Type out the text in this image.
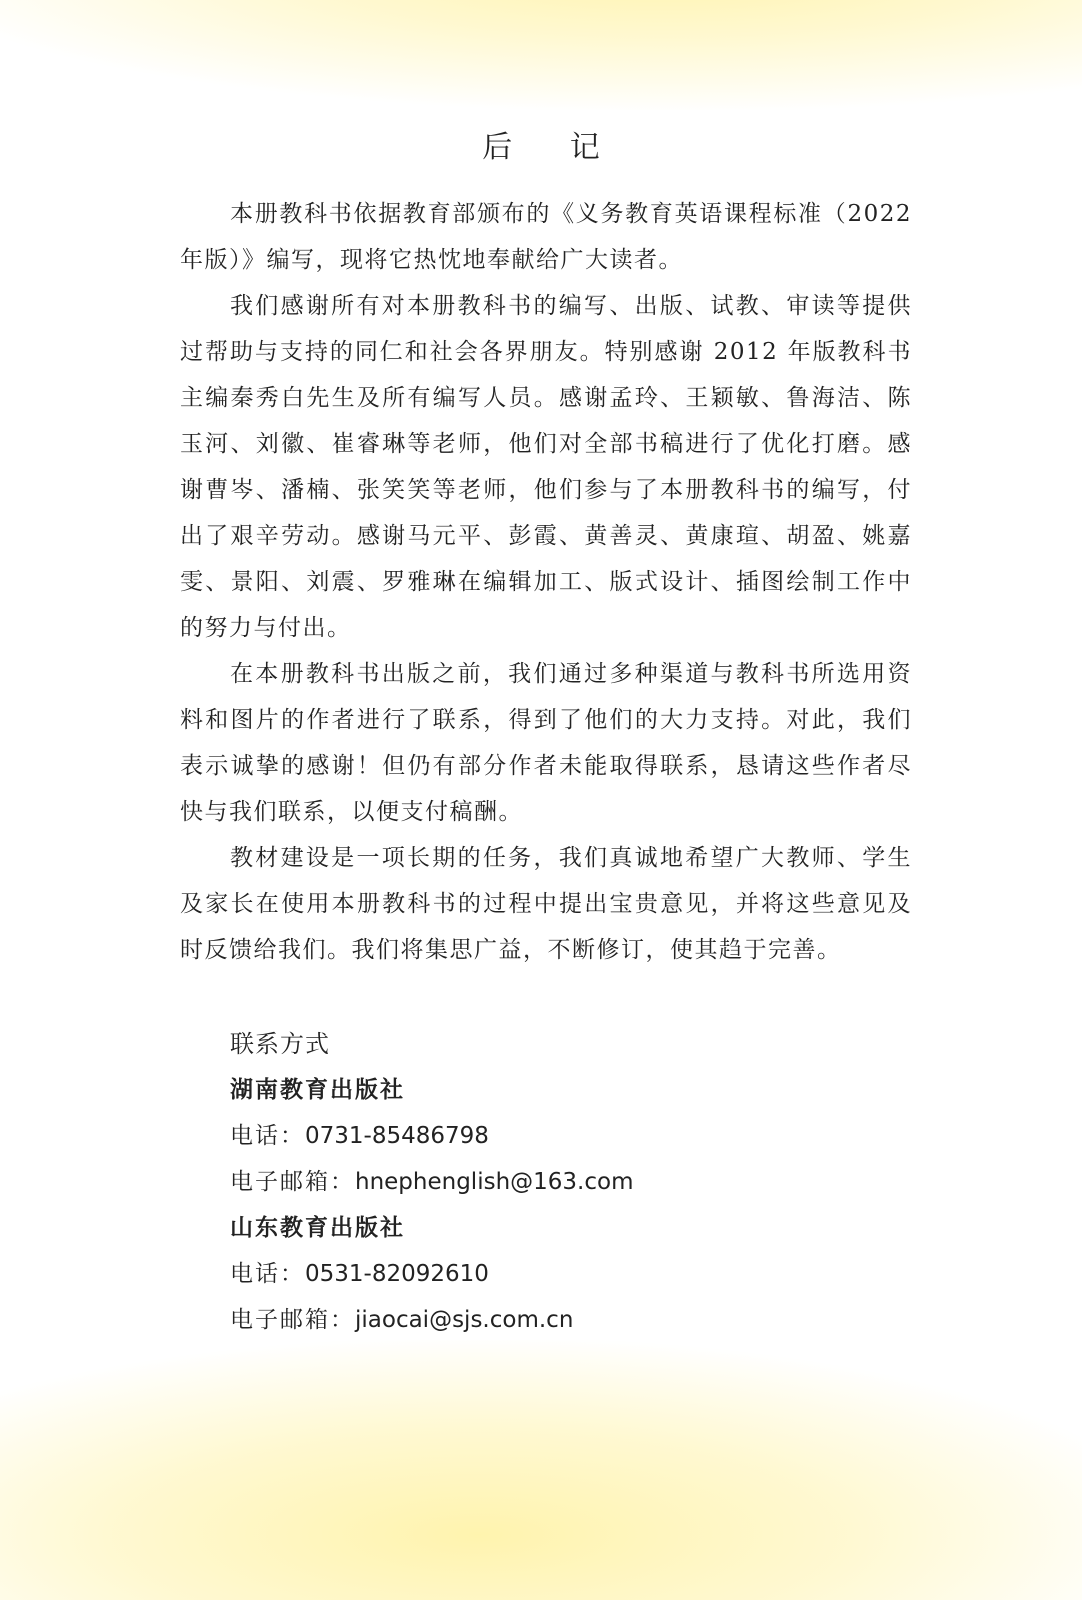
后 记

本册教科书依据教育部颁布的《义务教育英语课程标准（2022年版）》编写，现将它热忱地奉献给广大读者。

我们感谢所有对本册教科书的编写、出版、试教、审读等提供过帮助与支持的同仁和社会各界朋友。特别感谢 2012 年版教科书主编秦秀白先生及所有编写人员。感谢孟玲、王颖敏、鲁海洁、陈玉河、刘徽、崔睿琳等老师，他们对全部书稿进行了优化打磨。感谢曹岑、潘楠、张笑笑等老师，他们参与了本册教科书的编写，付出了艰辛劳动。感谢马元平、彭霞、黄善灵、黄康瑄、胡盈、姚嘉雯、景阳、刘震、罗雅琳在编辑加工、版式设计、插图绘制工作中的努力与付出。

在本册教科书出版之前，我们通过多种渠道与教科书所选用资料和图片的作者进行了联系，得到了他们的大力支持。对此，我们表示诚挚的感谢！但仍有部分作者未能取得联系，恳请这些作者尽快与我们联系，以便支付稿酬。

教材建设是一项长期的任务，我们真诚地希望广大教师、学生及家长在使用本册教科书的过程中提出宝贵意见，并将这些意见及时反馈给我们。我们将集思广益，不断修订，使其趋于完善。

联系方式
湖南教育出版社
电话：0731-85486798
电子邮箱：hnephenglish@163.com
山东教育出版社
电话：0531-82092610
电子邮箱：jiaocai@sjs.com.cn
